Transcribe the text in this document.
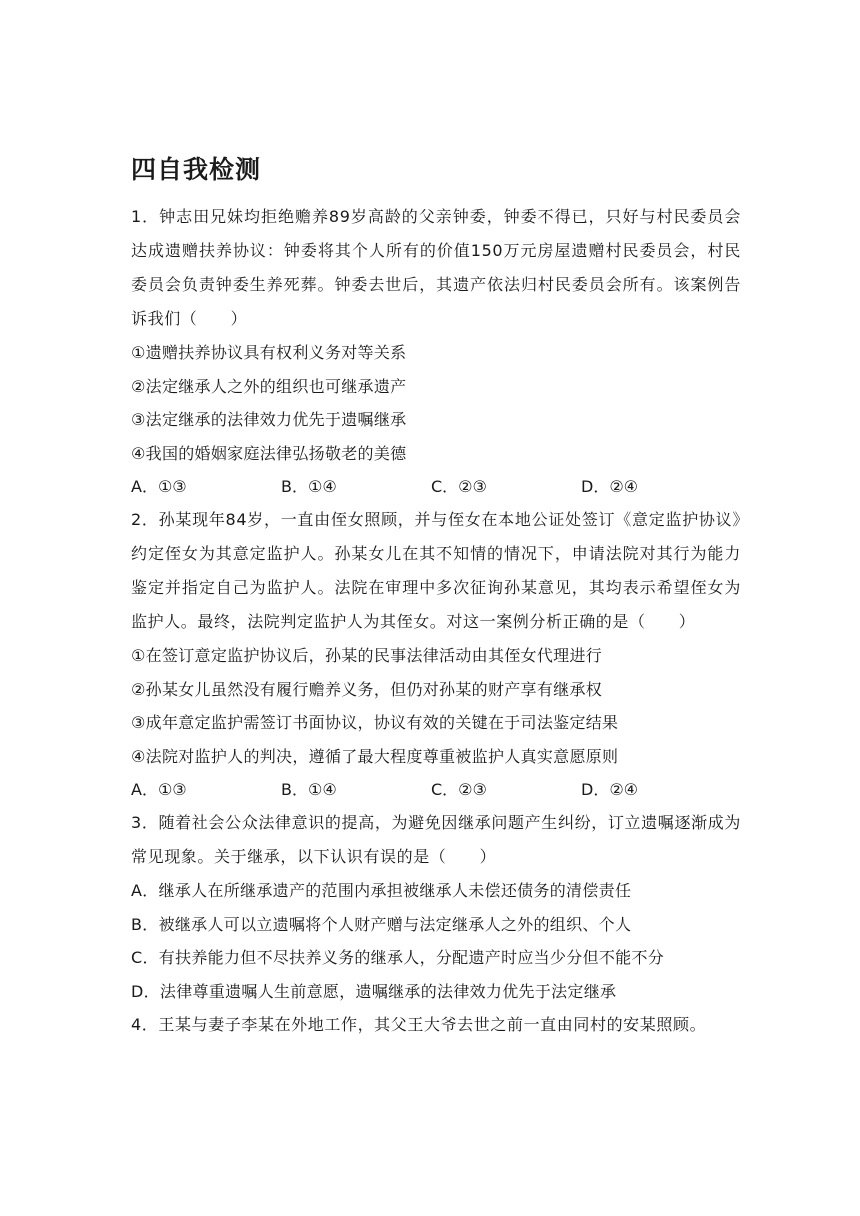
四自我检测

1．钟志田兄妹均拒绝赡养89岁高龄的父亲钟委，钟委不得已，只好与村民委员会达成遗赠扶养协议：钟委将其个人所有的价值150万元房屋遗赠村民委员会，村民委员会负责钟委生养死葬。钟委去世后，其遗产依法归村民委员会所有。该案例告诉我们（　　）

①遗赠扶养协议具有权利义务对等关系

②法定继承人之外的组织也可继承遗产

③法定继承的法律效力优先于遗嘱继承

④我国的婚姻家庭法律弘扬敬老的美德

A．①③	B．①④	C．②③	D．②④

2．孙某现年84岁，一直由侄女照顾，并与侄女在本地公证处签订《意定监护协议》约定侄女为其意定监护人。孙某女儿在其不知情的情况下，申请法院对其行为能力鉴定并指定自己为监护人。法院在审理中多次征询孙某意见，其均表示希望侄女为监护人。最终，法院判定监护人为其侄女。对这一案例分析正确的是（　　）

①在签订意定监护协议后，孙某的民事法律活动由其侄女代理进行

②孙某女儿虽然没有履行赡养义务，但仍对孙某的财产享有继承权

③成年意定监护需签订书面协议，协议有效的关键在于司法鉴定结果

④法院对监护人的判决，遵循了最大程度尊重被监护人真实意愿原则

A．①③	B．①④	C．②③	D．②④

3．随着社会公众法律意识的提高，为避免因继承问题产生纠纷，订立遗嘱逐渐成为常见现象。关于继承，以下认识有误的是（　　）

A．继承人在所继承遗产的范围内承担被继承人未偿还债务的清偿责任

B．被继承人可以立遗嘱将个人财产赠与法定继承人之外的组织、个人

C．有扶养能力但不尽扶养义务的继承人，分配遗产时应当少分但不能不分

D．法律尊重遗嘱人生前意愿，遗嘱继承的法律效力优先于法定继承

4．王某与妻子李某在外地工作，其父王大爷去世之前一直由同村的安某照顾。
